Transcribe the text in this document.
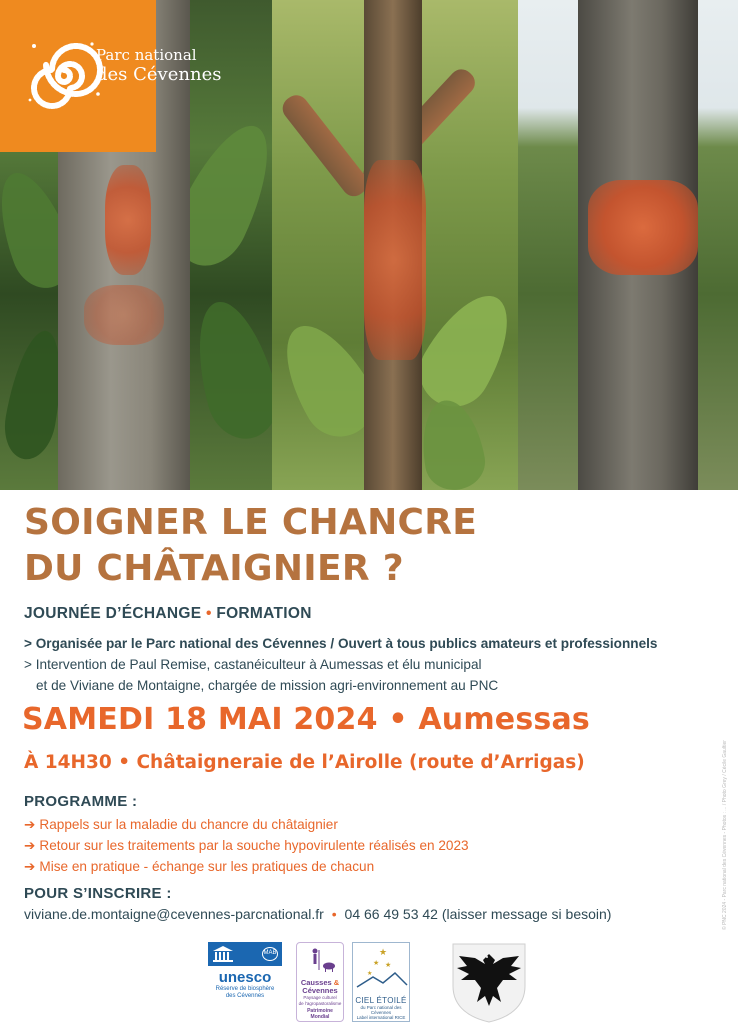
Parc national
des Cévennes
SOIGNER LE CHANCRE
DU CHÂTAIGNIER ?
JOURNÉE D’ÉCHANGE • FORMATION
> Organisée par le Parc national des Cévennes / Ouvert à tous publics amateurs et professionnels
> Intervention de Paul Remise, castanéiculteur à Aumessas et élu municipal
et de Viviane de Montaigne, chargée de mission agri-environnement au PNC
SAMEDI 18 MAI 2024 • Aumessas
À 14H30 • Châtaigneraie de l’Airolle (route d’Arrigas)
PROGRAMME :
➔ Rappels sur la maladie du chancre du châtaignier
➔ Retour sur les traitements par la souche hypovirulente réalisés en 2023
➔ Mise en pratique - échange sur les pratiques de chacun
POUR S’INSCRIRE :
viviane.de.montaigne@cevennes-parcnational.fr • 04 66 49 53 42 (laisser message si besoin)
MAB
unesco
Réserve de biosphère
des Cévennes
Causses &
Cévennes
Paysage culturel
de l’agropastoralisme
Patrimoine
Mondial
★
★ ★
★
CIEL ÉTOILÉ
du Parc national des Cévennes
Label international RICE
© PNC 2024 - Parc national des Cévennes - Photos : ... / Photo Grey / Cécile Gaultier
